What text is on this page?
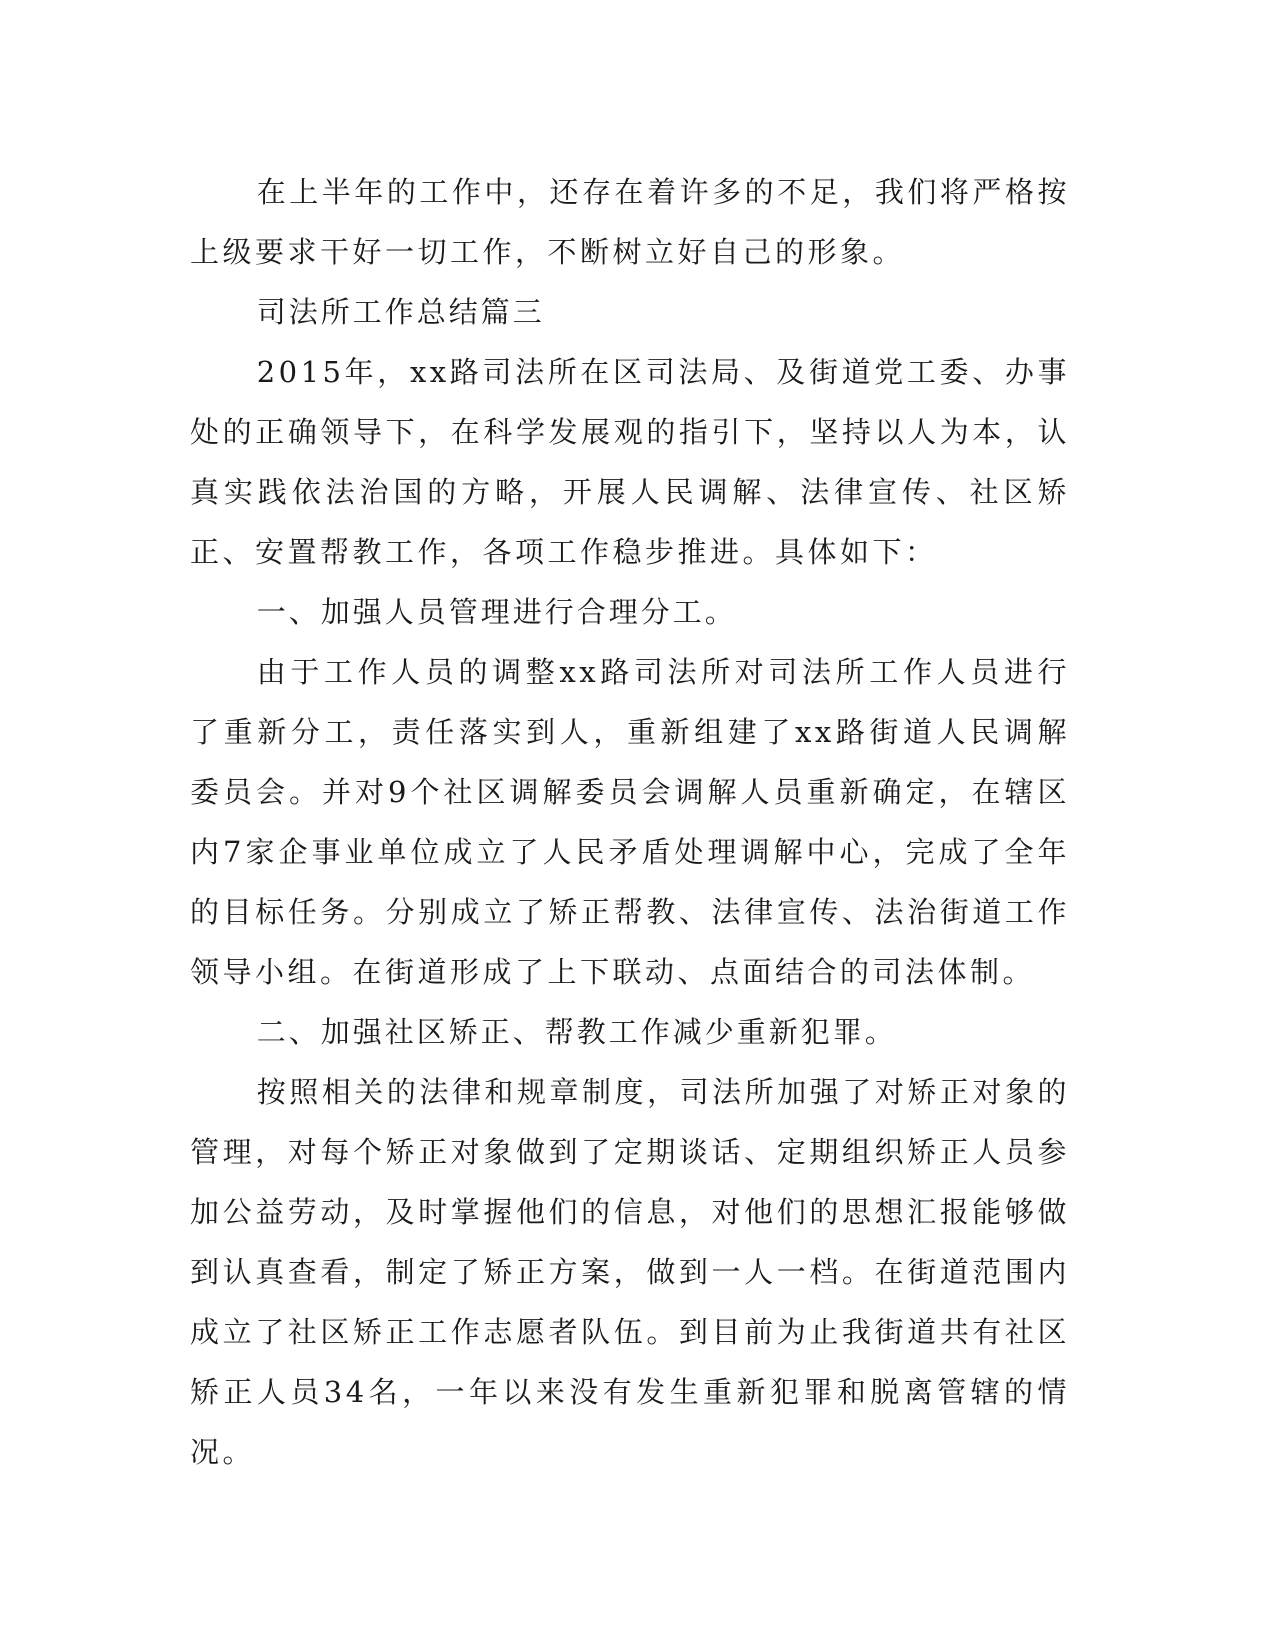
在上半年的工作中，还存在着许多的不足，我们将严格按上级要求干好一切工作，不断树立好自己的形象。

司法所工作总结篇三

2015年，xx路司法所在区司法局、及街道党工委、办事处的正确领导下，在科学发展观的指引下，坚持以人为本，认真实践依法治国的方略，开展人民调解、法律宣传、社区矫正、安置帮教工作，各项工作稳步推进。具体如下：

一、加强人员管理进行合理分工。

由于工作人员的调整xx路司法所对司法所工作人员进行了重新分工，责任落实到人，重新组建了xx路街道人民调解委员会。并对9个社区调解委员会调解人员重新确定，在辖区内7家企事业单位成立了人民矛盾处理调解中心，完成了全年的目标任务。分别成立了矫正帮教、法律宣传、法治街道工作领导小组。在街道形成了上下联动、点面结合的司法体制。

二、加强社区矫正、帮教工作减少重新犯罪。

按照相关的法律和规章制度，司法所加强了对矫正对象的管理，对每个矫正对象做到了定期谈话、定期组织矫正人员参加公益劳动，及时掌握他们的信息，对他们的思想汇报能够做到认真查看，制定了矫正方案，做到一人一档。在街道范围内成立了社区矫正工作志愿者队伍。到目前为止我街道共有社区矫正人员34名，一年以来没有发生重新犯罪和脱离管辖的情况。
